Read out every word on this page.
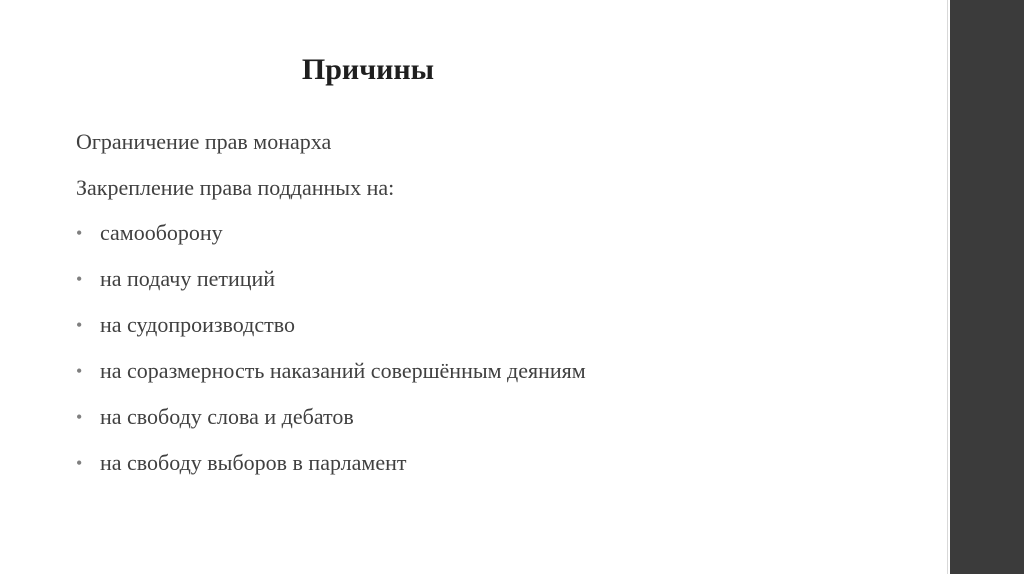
Причины
Ограничение прав монарха
Закрепление права подданных на:
• самооборону
• на подачу петиций
• на судопроизводство
• на соразмерность наказаний совершённым деяниям
• на свободу слова и дебатов
• на свободу выборов в парламент
